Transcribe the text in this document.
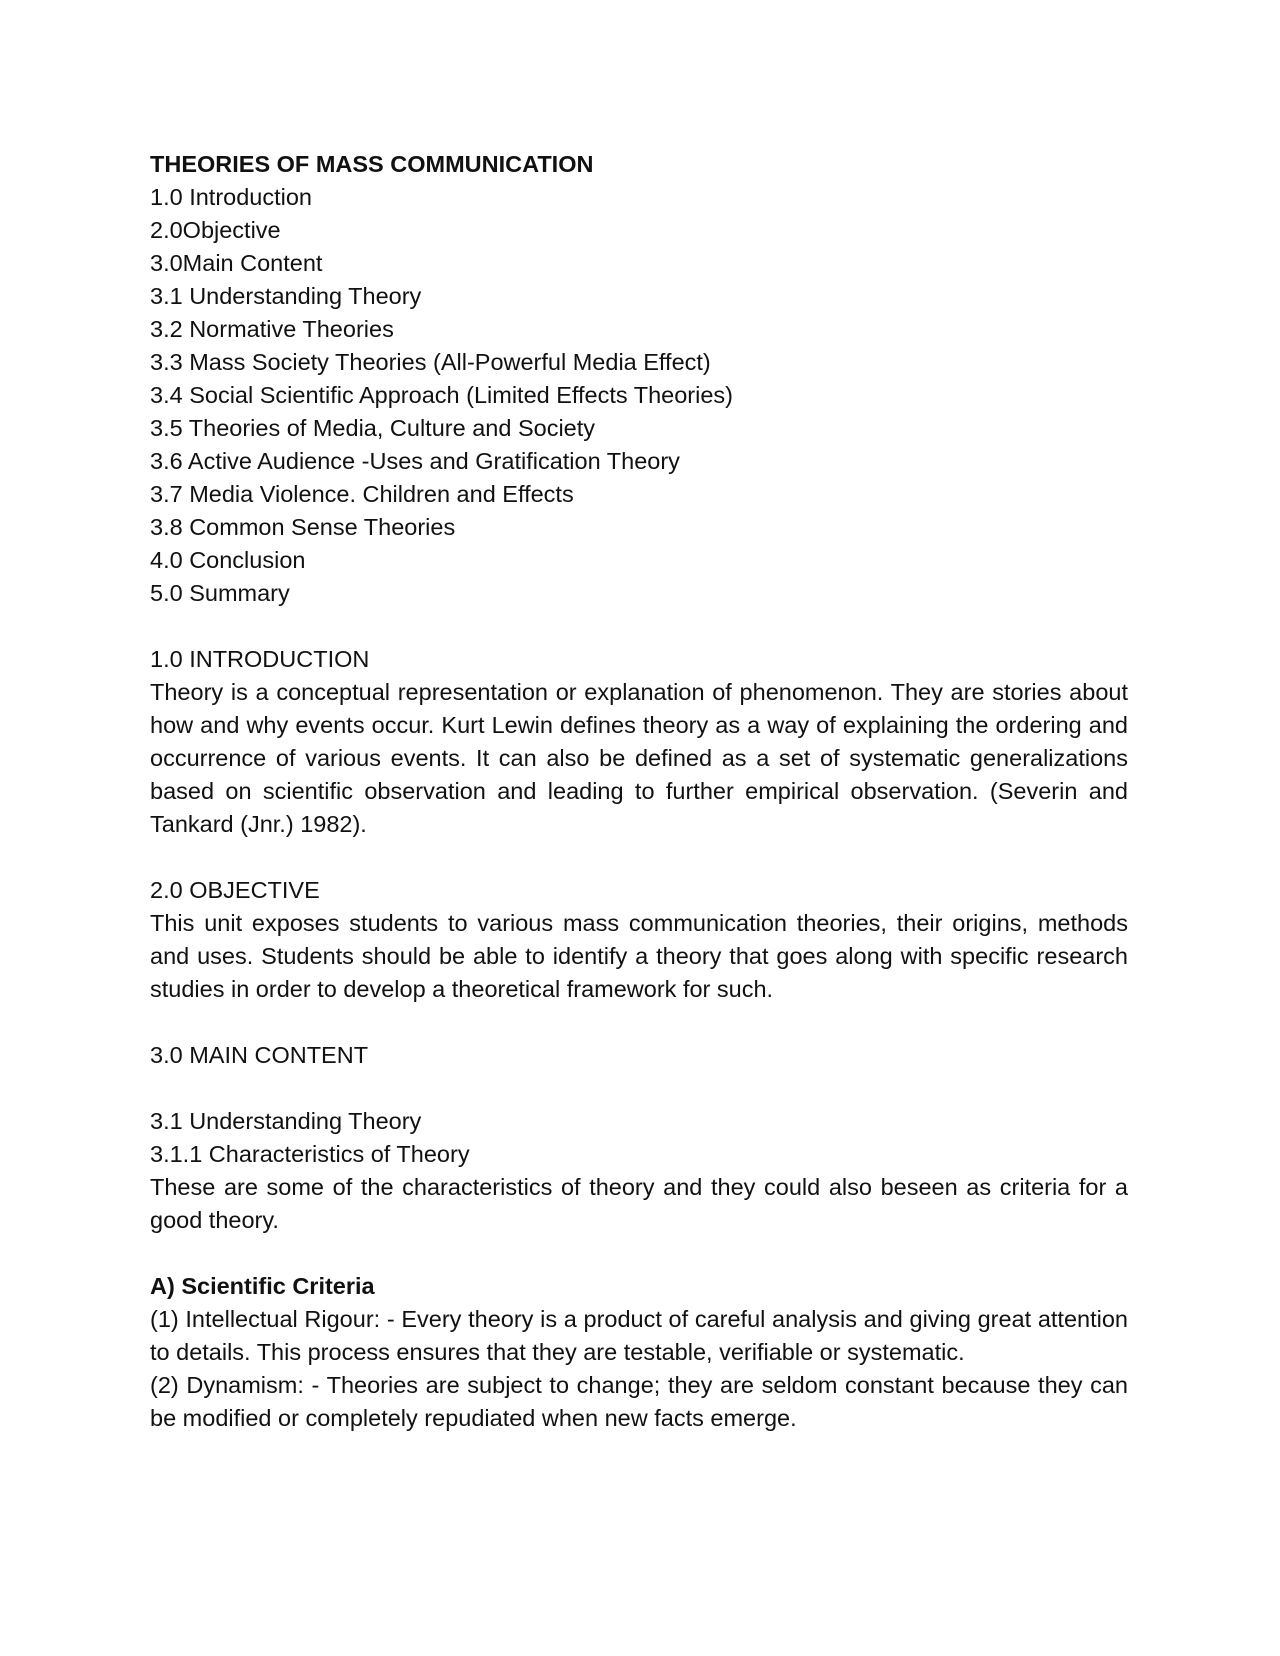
THEORIES OF MASS COMMUNICATION
1.0 Introduction
2.0Objective
3.0Main Content
3.1 Understanding Theory
3.2 Normative Theories
3.3 Mass Society Theories (All-Powerful Media Effect)
3.4 Social Scientific Approach (Limited Effects Theories)
3.5 Theories of Media, Culture and Society
3.6 Active Audience -Uses and Gratification Theory
3.7 Media Violence. Children and Effects
3.8 Common Sense Theories
4.0 Conclusion
5.0 Summary
1.0 INTRODUCTION

Theory is a conceptual representation or explanation of phenomenon. They are stories about how and why events occur. Kurt Lewin defines theory as a way of explaining the ordering and occurrence of various events. It can also be defined as a set of systematic generalizations based on scientific observation and leading to further empirical observation. (Severin and Tankard (Jnr.) 1982).

2.0 OBJECTIVE

This unit exposes students to various mass communication theories, their origins, methods and uses. Students should be able to identify a theory that goes along with specific research studies in order to develop a theoretical framework for such.

3.0 MAIN CONTENT
3.1 Understanding Theory
3.1.1 Characteristics of Theory

These are some of the characteristics of theory and they could also beseen as criteria for a good theory.

A) Scientific Criteria

(1) Intellectual Rigour: - Every theory is a product of careful analysis and giving great attention to details. This process ensures that they are testable, verifiable or systematic.

(2) Dynamism: - Theories are subject to change; they are seldom constant because they can be modified or completely repudiated when new facts emerge.
